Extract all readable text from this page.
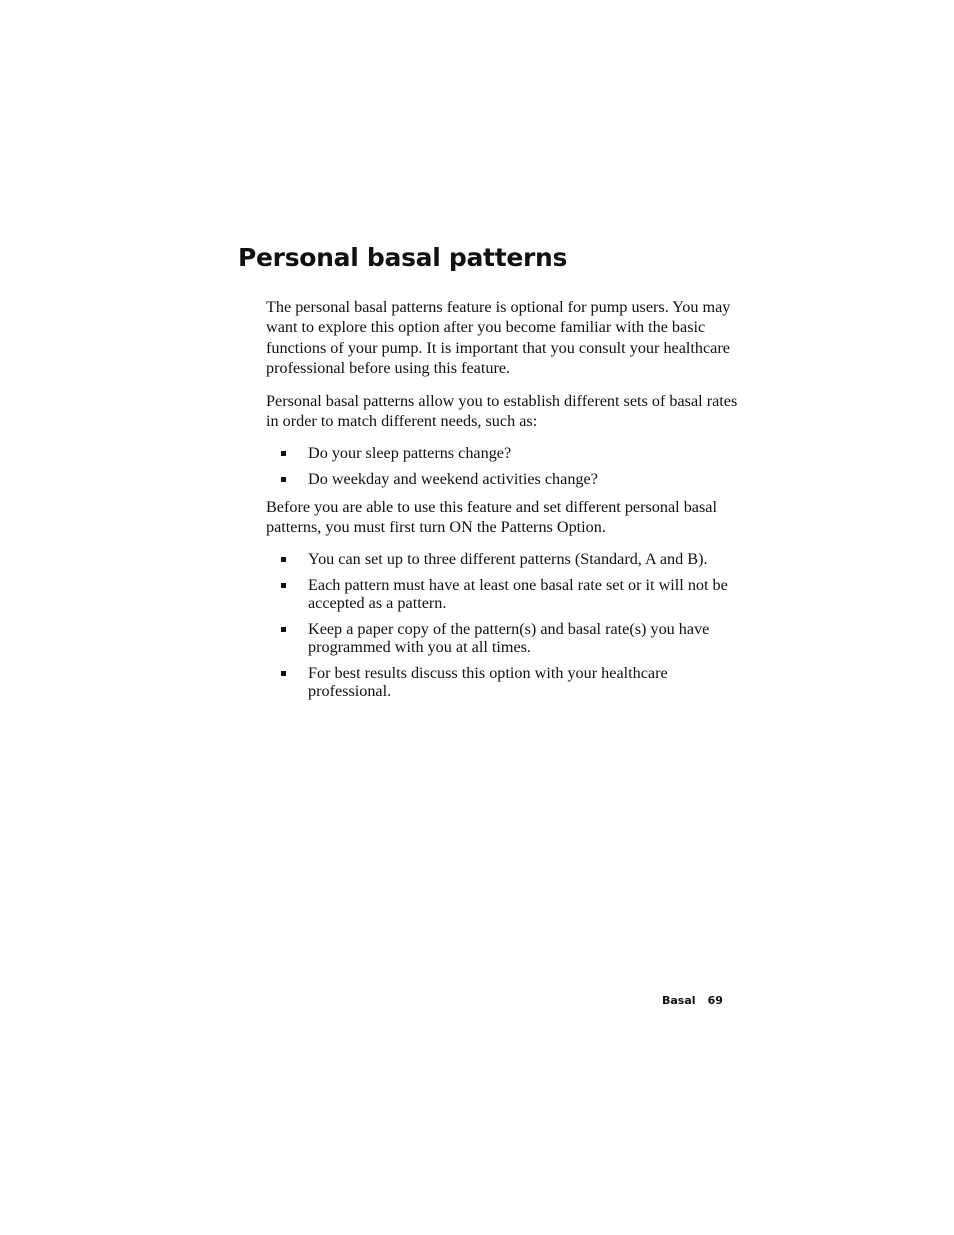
Personal basal patterns

The personal basal patterns feature is optional for pump users. You may want to explore this option after you become familiar with the basic functions of your pump. It is important that you consult your healthcare professional before using this feature.

Personal basal patterns allow you to establish different sets of basal rates in order to match different needs, such as:

Do your sleep patterns change?
Do weekday and weekend activities change?

Before you are able to use this feature and set different personal basal patterns, you must first turn ON the Patterns Option.

You can set up to three different patterns (Standard, A and B).
Each pattern must have at least one basal rate set or it will not be accepted as a pattern.
Keep a paper copy of the pattern(s) and basal rate(s) you have programmed with you at all times.
For best results discuss this option with your healthcare professional.
Basal 69
